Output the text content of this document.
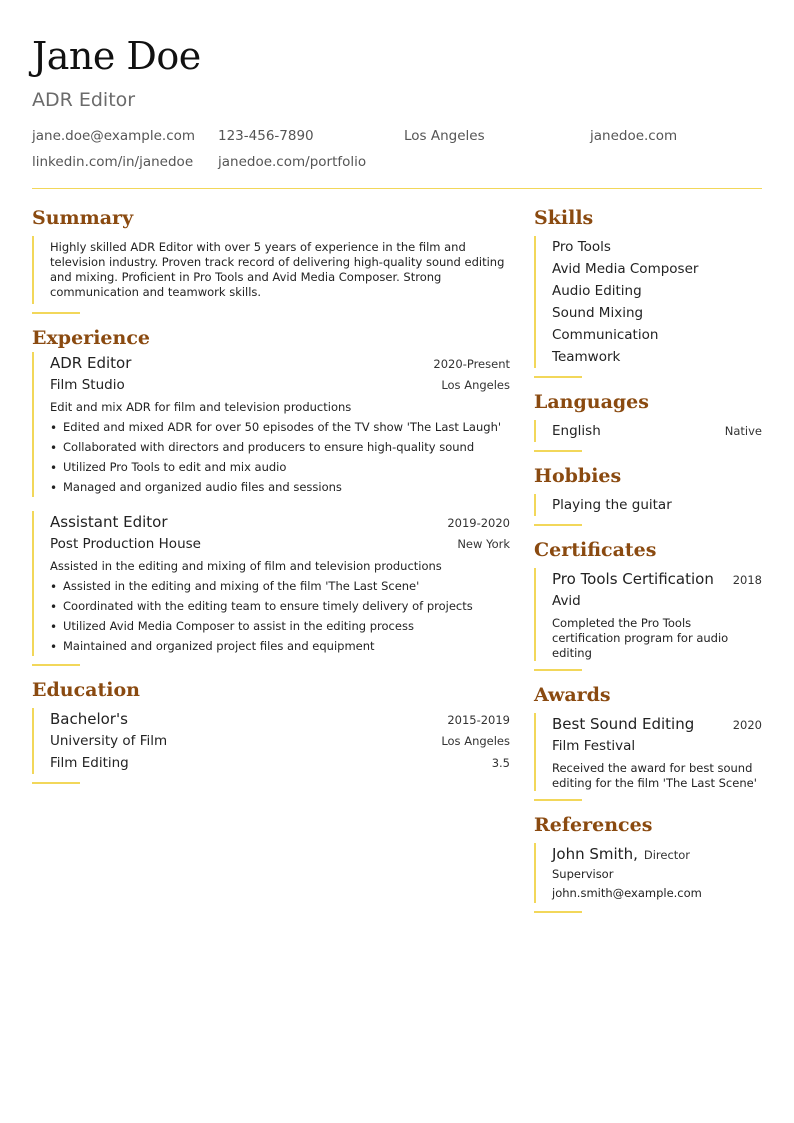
Jane Doe
ADR Editor
jane.doe@example.com	123-456-7890	Los Angeles	janedoe.com
linkedin.com/in/janedoe	janedoe.com/portfolio
Summary

Highly skilled ADR Editor with over 5 years of experience in the film and television industry. Proven track record of delivering high-quality sound editing and mixing. Proficient in Pro Tools and Avid Media Composer. Strong communication and teamwork skills.

Experience
ADR Editor	2020-Present
Film Studio	Los Angeles
Edit and mix ADR for film and television productions
• Edited and mixed ADR for over 50 episodes of the TV show 'The Last Laugh'
• Collaborated with directors and producers to ensure high-quality sound
• Utilized Pro Tools to edit and mix audio
• Managed and organized audio files and sessions
Assistant Editor	2019-2020
Post Production House	New York
Assisted in the editing and mixing of film and television productions
• Assisted in the editing and mixing of the film 'The Last Scene'
• Coordinated with the editing team to ensure timely delivery of projects
• Utilized Avid Media Composer to assist in the editing process
• Maintained and organized project files and equipment
Education
Bachelor's	2015-2019
University of Film	Los Angeles
Film Editing	3.5
Skills
Pro Tools
Avid Media Composer
Audio Editing
Sound Mixing
Communication
Teamwork
Languages
English	Native
Hobbies
Playing the guitar
Certificates
Pro Tools Certification 2018
Avid
Completed the Pro Tools certification program for audio editing
Awards
Best Sound Editing	2020
Film Festival
Received the award for best sound editing for the film 'The Last Scene'
References
John Smith, Director
Supervisor
john.smith@example.com
